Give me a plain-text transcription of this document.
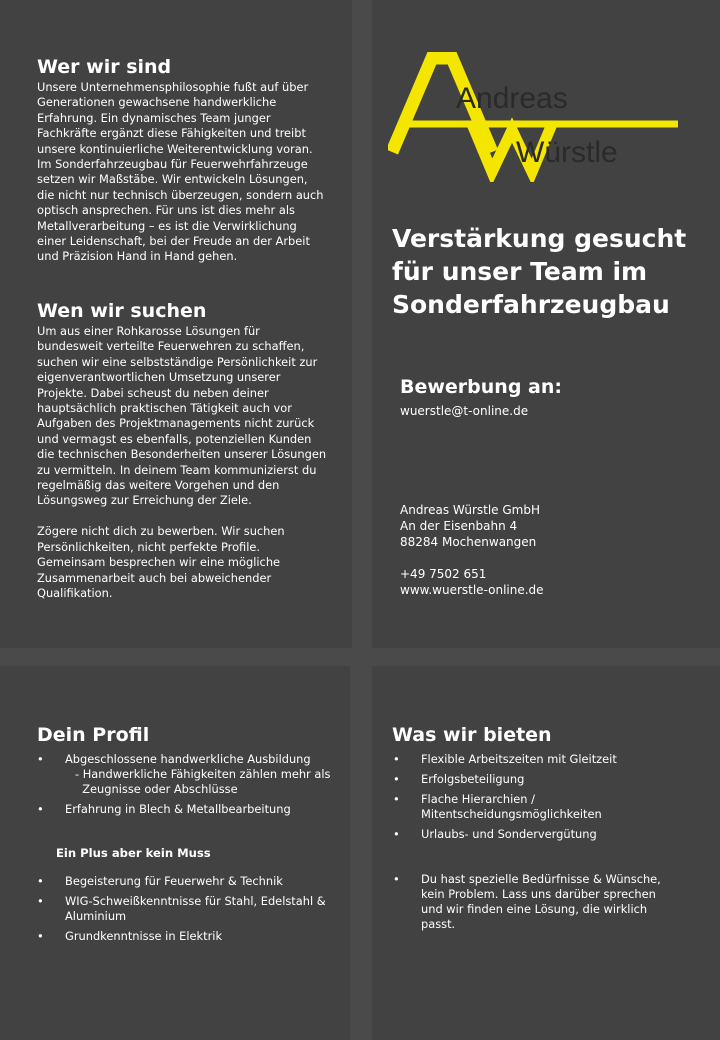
Wer wir sind

Unsere Unternehmensphilosophie fußt auf über
Generationen gewachsene handwerkliche
Erfahrung. Ein dynamisches Team junger
Fachkräfte ergänzt diese Fähigkeiten und treibt
unsere kontinuierliche Weiterentwicklung voran.
Im Sonderfahrzeugbau für Feuerwehrfahrzeuge
setzen wir Maßstäbe. Wir entwickeln Lösungen,
die nicht nur technisch überzeugen, sondern auch
optisch ansprechen. Für uns ist dies mehr als
Metallverarbeitung – es ist die Verwirklichung
einer Leidenschaft, bei der Freude an der Arbeit
und Präzision Hand in Hand gehen.

Wen wir suchen

Um aus einer Rohkarosse Lösungen für
bundesweit verteilte Feuerwehren zu schaffen,
suchen wir eine selbstständige Persönlichkeit zur
eigenverantwortlichen Umsetzung unserer
Projekte. Dabei scheust du neben deiner
hauptsächlich praktischen Tätigkeit auch vor
Aufgaben des Projektmanagements nicht zurück
und vermagst es ebenfalls, potenziellen Kunden
die technischen Besonderheiten unserer Lösungen
zu vermitteln. In deinem Team kommunizierst du
regelmäßig das weitere Vorgehen und den
Lösungsweg zur Erreichung der Ziele.

Zögere nicht dich zu bewerben. Wir suchen
Persönlichkeiten, nicht perfekte Profile.
Gemeinsam besprechen wir eine mögliche
Zusammenarbeit auch bei abweichender
Qualifikation.

Andreas
Würstle
Verstärkung gesucht
für unser Team im
Sonderfahrzeugbau
Bewerbung an:
wuerstle@t-online.de
Andreas Würstle GmbH
An der Eisenbahn 4
88284 Mochenwangen
+49 7502 651
www.wuerstle-online.de
Dein Profil
• Abgeschlossene handwerkliche Ausbildung
- Handwerkliche Fähigkeiten zählen mehr als
Zeugnisse oder Abschlüsse
• Erfahrung in Blech & Metallbearbeitung

Ein Plus aber kein Muss

• Begeisterung für Feuerwehr & Technik
• WIG-Schweißkenntnisse für Stahl, Edelstahl &
Aluminium
• Grundkenntnisse in Elektrik
Was wir bieten
• Flexible Arbeitszeiten mit Gleitzeit
• Erfolgsbeteiligung
• Flache Hierarchien /
Mitentscheidungsmöglichkeiten
• Urlaubs- und Sondervergütung
• Du hast spezielle Bedürfnisse & Wünsche,
kein Problem. Lass uns darüber sprechen
und wir finden eine Lösung, die wirklich
passt.
